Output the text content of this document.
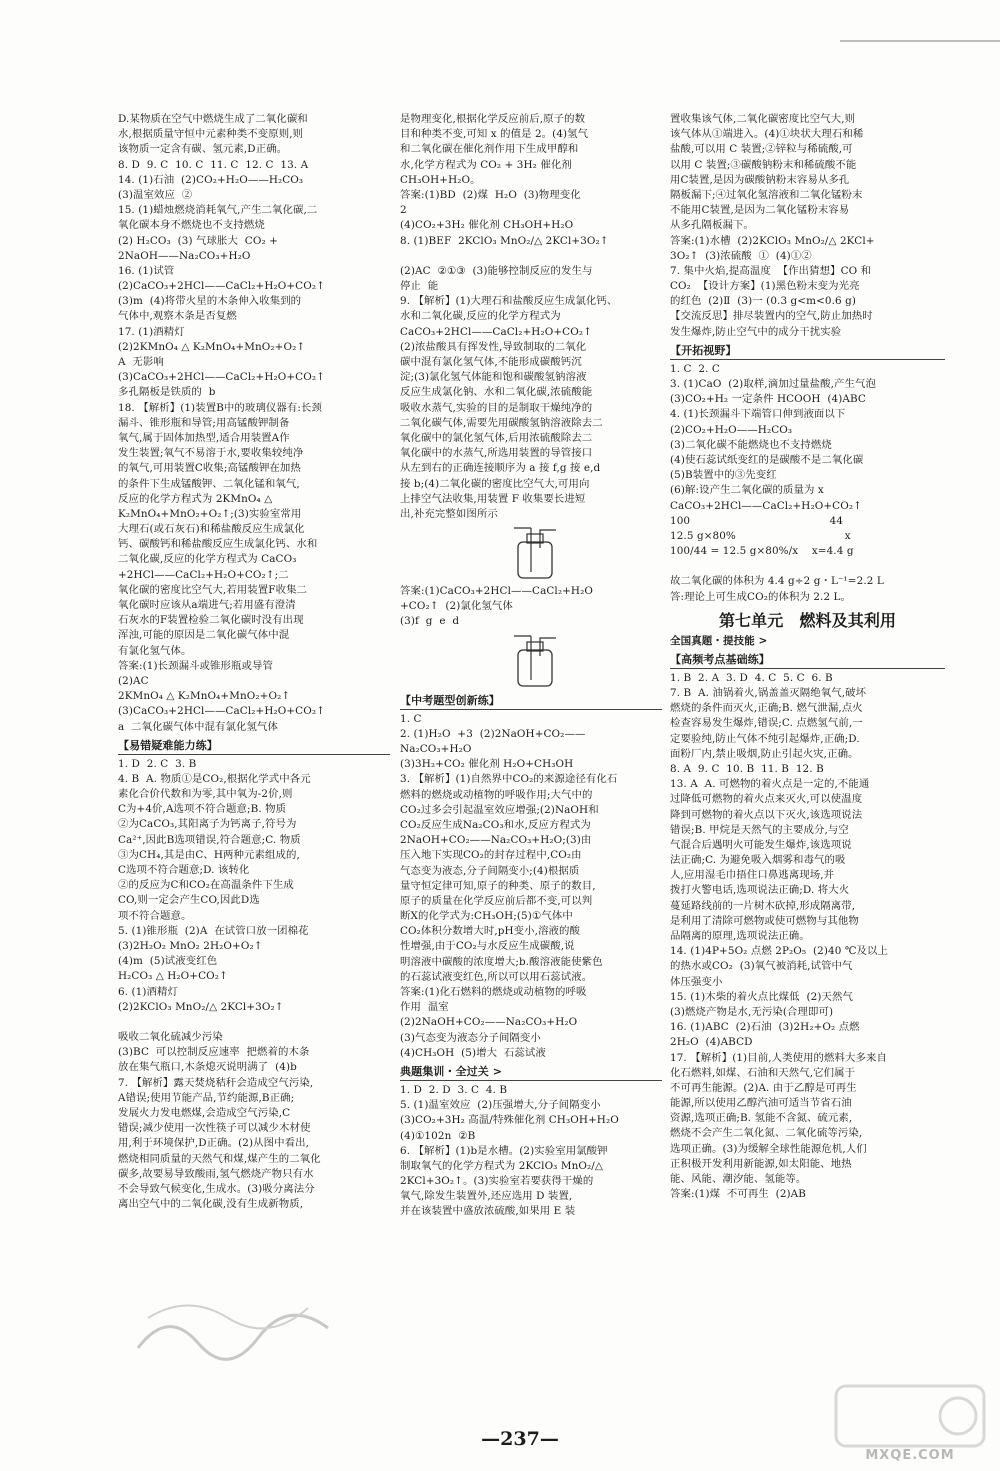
D.某物质在空气中燃烧生成了二氧化碳和
水,根据质量守恒中元素种类不变原则,则
该物质一定含有碳、氢元素,D正确。
8. D  9. C  10. C  11. C  12. C  13. A
14. (1)石油  (2)CO₂+H₂O——H₂CO₃
(3)温室效应  ②
15. (1)蜡烛燃烧消耗氧气,产生二氧化碳,二
氧化碳本身不燃烧也不支持燃烧
(2) H₂CO₃  (3) 气球胀大  CO₂ +
2NaOH——Na₂CO₃+H₂O
16. (1)试管
(2)CaCO₃+2HCl——CaCl₂+H₂O+CO₂↑
(3)m  (4)将带火星的木条伸入收集到的
气体中,观察木条是否复燃
17. (1)酒精灯
(2)2KMnO₄ △ K₂MnO₄+MnO₂+O₂↑
A  无影响
(3)CaCO₃+2HCl——CaCl₂+H₂O+CO₂↑
多孔隔板是铁质的  b
18. 【解析】(1)装置B中的玻璃仪器有:长颈
漏斗、锥形瓶和导管;用高锰酸钾制备
氧气,属于固体加热型,适合用装置A作
发生装置;氧气不易溶于水,要收集较纯净
的氧气,可用装置C收集;高锰酸钾在加热
的条件下生成锰酸钾、二氧化锰和氧气,
反应的化学方程式为 2KMnO₄ △
K₂MnO₄+MnO₂+O₂↑;(3)实验室常用
大理石(或石灰石)和稀盐酸反应生成氯化
钙、碳酸钙和稀盐酸反应生成氯化钙、水和
二氧化碳,反应的化学方程式为 CaCO₃
+2HCl——CaCl₂+H₂O+CO₂↑;二
氧化碳的密度比空气大,若用装置F收集二
氧化碳时应该从a端进气;若用盛有澄清
石灰水的F装置检验二氧化碳时没有出现
浑浊,可能的原因是二氧化碳气体中混
有氯化氢气体。
答案:(1)长颈漏斗或锥形瓶或导管
(2)AC
2KMnO₄ △ K₂MnO₄+MnO₂+O₂↑
(3)CaCO₃+2HCl——CaCl₂+H₂O+CO₂↑
a  二氧化碳气体中混有氯化氢气体
【易错疑难能力练】
1. D  2. C  3. B
4. B  A. 物质①是CO₂,根据化学式中各元
素化合价代数和为零,其中氧为-2价,则
C为+4价,A选项不符合题意;B. 物质
②为CaCO₃,其阳离子为钙离子,符号为
Ca²⁺,因此B选项错误,符合题意;C. 物质
③为CH₄,其是由C、H两种元素组成的,
C选项不符合题意;D. 该转化
②的反应为C和CO₂在高温条件下生成
CO,则一定会产生CO,因此D选
项不符合题意。
5. (1)锥形瓶  (2)A  在试管口放一团棉花
(3)2H₂O₂ MnO₂ 2H₂O+O₂↑
(4)m  (5)试液变红色
H₂CO₃ △ H₂O+CO₂↑
6. (1)酒精灯
(2)2KClO₃ MnO₂/△ 2KCl+3O₂↑
吸收二氧化硫减少污染
(3)BC  可以控制反应速率  把燃着的木条
放在集气瓶口,木条熄灭说明满了  (4)b
7. 【解析】露天焚烧秸秆会造成空气污染,
A错误;使用节能产品,节约能源,B正确;
发展火力发电燃煤,会造成空气污染,C
错误;减少使用一次性筷子可以减少木材使
用,利于环境保护,D正确。(2)从图中看出,
燃烧相同质量的天然气和煤,煤产生的二氧化
碳多,故要易导致酸雨,氢气燃烧产物只有水
不会导致气候变化,生成水。(3)吸分离法分
离出空气中的二氧化碳,没有生成新物质,
是物理变化,根据化学反应前后,原子的数
目和种类不变,可知 x 的值是 2。(4)氢气
和二氧化碳在催化剂作用下生成甲醇和
水,化学方程式为 CO₂ + 3H₂ 催化剂
CH₃OH+H₂O。
答案:(1)BD  (2)煤  H₂O  (3)物理变化
2
(4)CO₂+3H₂ 催化剂 CH₃OH+H₂O
8. (1)BEF  2KClO₃ MnO₂/△ 2KCl+3O₂↑
(2)AC  ②①③  (3)能够控制反应的发生与
停止  能
9. 【解析】(1)大理石和盐酸反应生成氯化钙、
水和二氧化碳,反应的化学方程式为
CaCO₃+2HCl——CaCl₂+H₂O+CO₂↑
(2)浓盐酸具有挥发性,导致制取的二氧化
碳中混有氯化氢气体,不能形成碳酸钙沉
淀;(3)氯化氢气体能和饱和碳酸氢钠溶液
反应生成氯化钠、水和二氧化碳,浓硫酸能
吸收水蒸气,实验的目的是制取干燥纯净的
二氧化碳气体,需要先用碳酸氢钠溶液除去二
氧化碳中的氯化氢气体,后用浓硫酸除去二
氧化碳中的水蒸气,所选用装置的导管接口
从左到右的正确连接顺序为 a 接 f,g 接 e,d
接 b;(4)二氧化碳的密度比空气大,可用向
上排空气法收集,用装置 F 收集要长进短
出,补充完整如图所示
答案:(1)CaCO₃+2HCl——CaCl₂+H₂O
+CO₂↑  (2)氯化氢气体
(3)f  g  e  d
【中考题型创新练】
1. C
2. (1)H₂O  +3  (2)2NaOH+CO₂——
Na₂CO₃+H₂O
(3)3H₂+CO₂ 催化剂 H₂O+CH₃OH
3. 【解析】(1)自然界中CO₂的来源途径有化石
燃料的燃烧或动植物的呼吸作用;大气中的
CO₂过多会引起温室效应增强;(2)NaOH和
CO₂反应生成Na₂CO₃和水,反应方程式为
2NaOH+CO₂——Na₂CO₃+H₂O;(3)由
压入地下实现CO₂的封存过程中,CO₂由
气态变为液态,分子间隔变小;(4)根据质
量守恒定律可知,原子的种类、原子的数目,
原子的质量在化学反应前后都不变,可以判
断X的化学式为:CH₃OH;(5)①气体中
CO₂体积分数增大时,pH变小,溶液的酸
性增强,由于CO₂与水反应生成碳酸,说
明溶液中碳酸的浓度增大;b.酸溶液能使紫色
的石蕊试液变红色,所以可以用石蕊试液。
答案:(1)化石燃料的燃烧或动植物的呼吸
作用  温室
(2)2NaOH+CO₂——Na₂CO₃+H₂O
(3)气态变为液态分子间隔变小
(4)CH₃OH  (5)增大  石蕊试液
典题集训・全过关 >
1. D  2. D  3. C  4. B
5. (1)温室效应  (2)压强增大,分子间隔变小
(3)CO₂+3H₂ 高温/特殊催化剂 CH₃OH+H₂O
(4)①102n  ②B
6. 【解析】(1)b是水槽。(2)实验室用氯酸钾
制取氧气的化学方程式为 2KClO₃ MnO₂/△
2KCl+3O₂↑。(3)实验室若要获得干燥的
氧气,除发生装置外,还应选用 D 装置,
并在该装置中盛放浓硫酸,如果用 E 装
置收集该气体,二氧化碳密度比空气大,则
该气体从①端进入。(4)①块状大理石和稀
盐酸,可以用 C 装置;②锌粒与稀硫酸,可
以用 C 装置;③碳酸钠粉末和稀硫酸不能
用C装置,是因为碳酸钠粉末容易从多孔
隔板漏下;④过氧化氢溶液和二氧化锰粉末
不能用C装置,是因为二氧化锰粉末容易
从多孔隔板漏下。
答案:(1)水槽  (2)2KClO₃ MnO₂/△ 2KCl+
3O₂↑  (3)浓硫酸  ①  (4)①②
7. 集中火焰,提高温度  【作出猜想】CO 和
CO₂  【设计方案】(1)黑色粉末变为光亮
的红色  (2)Ⅱ  (3)一 (0.3 g<m<0.6 g)
【交流反思】排尽装置内的空气,防止加热时
发生爆炸,防止空气中的成分干扰实验
【开拓视野】
1. C  2. C
3. (1)CaO  (2)取样,滴加过量盐酸,产生气泡
(3)CO₂+H₂ 一定条件 HCOOH  (4)ABC
4. (1)长颈漏斗下端管口伸到液面以下
(2)CO₂+H₂O——H₂CO₃
(3)二氧化碳不能燃烧也不支持燃烧
(4)使石蕊试纸变红的是碳酸不是二氧化碳
(5)B装置中的③先变红
(6)解:设产生二氧化碳的质量为 x
CaCO₃+2HCl——CaCl₂+H₂O+CO₂↑
100                                         44
12.5 g×80%                                x
100/44 = 12.5 g×80%/x    x=4.4 g
故二氧化碳的体积为 4.4 g÷2 g・L⁻¹=2.2 L
答:理论上可生成CO₂的体积为 2.2 L。
第七单元　燃料及其利用
全国真题・提技能 >
【高频考点基础练】
1. B  2. A  3. D  4. C  5. C  6. B
7. B  A. 油锅着火,锅盖盖灭隔绝氧气,破坏
燃烧的条件而灭火,正确;B. 燃气泄漏,点火
检查容易发生爆炸,错误;C. 点燃氢气前,一
定要验纯,防止气体不纯引起爆炸,正确;D.
面粉厂内,禁止吸烟,防止引起火灾,正确。
8. A  9. C  10. B  11. B  12. B
13. A  A. 可燃物的着火点是一定的,不能通
过降低可燃物的着火点来灭火,可以使温度
降到可燃物的着火点以下灭火,该选项说法
错误;B. 甲烷是天然气的主要成分,与空
气混合后遇明火可能发生爆炸,该选项说
法正确;C. 为避免吸入烟雾和毒气的吸
人,应用湿毛巾捂住口鼻逃离现场,并
拨打火警电话,选项说法正确;D. 将大火
蔓延路线前的一片树木砍掉,形成隔离带,
是利用了清除可燃物或使可燃物与其他物
品隔离的原理,选项说法正确。
14. (1)4P+5O₂ 点燃 2P₂O₅  (2)40 ℃及以上
的热水或CO₂  (3)氧气被消耗,试管中气
体压强变小
15. (1)木柴的着火点比煤低  (2)天然气
(3)燃烧产物是水,无污染(合理即可)
16. (1)ABC  (2)石油  (3)2H₂+O₂ 点燃
2H₂O  (4)ABCD
17. 【解析】(1)目前,人类使用的燃料大多来自
化石燃料,如煤、石油和天然气,它们属于
不可再生能源。(2)A. 由于乙醇是可再生
能源,所以使用乙醇汽油可适当节省石油
资源,选项正确;B. 氢能不含氮、硫元素,
燃烧不会产生二氧化氮、二氧化硫等污染,
选项正确。(3)为缓解全球性能源危机,人们
正积极开发利用新能源,如太阳能、地热
能、风能、潮汐能、氢能等。
答案:(1)煤  不可再生  (2)AB
—237—
MXQE.COM
